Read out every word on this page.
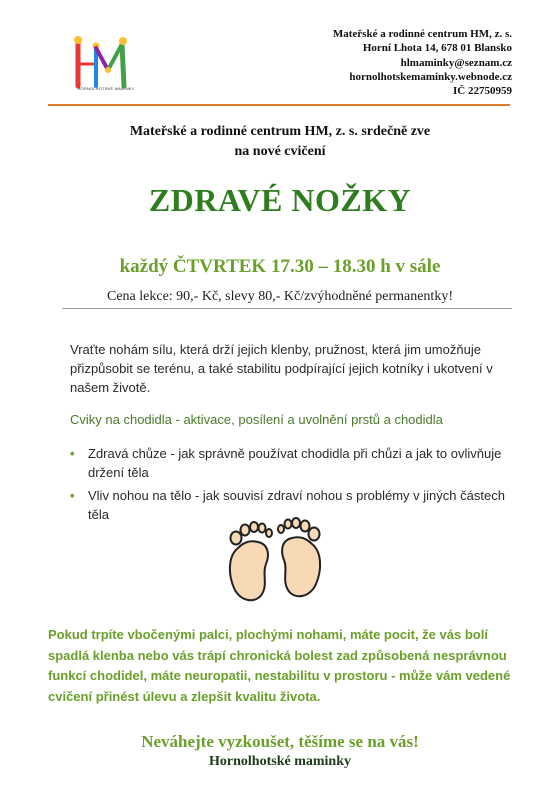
HORNOLHOTSKÉ MAMINKY
Mateřské a rodinné centrum HM, z. s.
Horní Lhota 14, 678 01 Blansko
hlmaminky@seznam.cz
hornolhotskemaminky.webnode.cz
IČ 22750959
Mateřské a rodinné centrum HM, z. s. srdečně zve
na nové cvičení
ZDRAVÉ NOŽKY
každý ČTVRTEK 17.30 – 18.30 h v sále
Cena lekce: 90,- Kč, slevy 80,- Kč/zvýhodněné permanentky!
Vraťte nohám sílu, která drží jejich klenby, pružnost, která jim umožňuje přizpůsobit se terénu, a také stabilitu podpírající jejich kotníky i ukotvení v našem životě.
Cviky na chodidla - aktivace, posílení a uvolnění prstů a chodidla
• Zdravá chůze - jak správně používat chodidla při chůzi a jak to ovlivňuje držení těla
• Vliv nohou na tělo - jak souvisí zdraví nohou s problémy v jiných částech těla
Pokud trpíte vbočenými palci, plochými nohami, máte pocit, že vás bolí spadlá klenba nebo vás trápí chronická bolest zad způsobená nesprávnou funkcí chodidel, máte neuropatii, nestabilitu v prostoru - může vám vedené cvičení přinést úlevu a zlepšit kvalitu života.
Neváhejte vyzkoušet, těšíme se na vás!
Hornolhotské maminky
